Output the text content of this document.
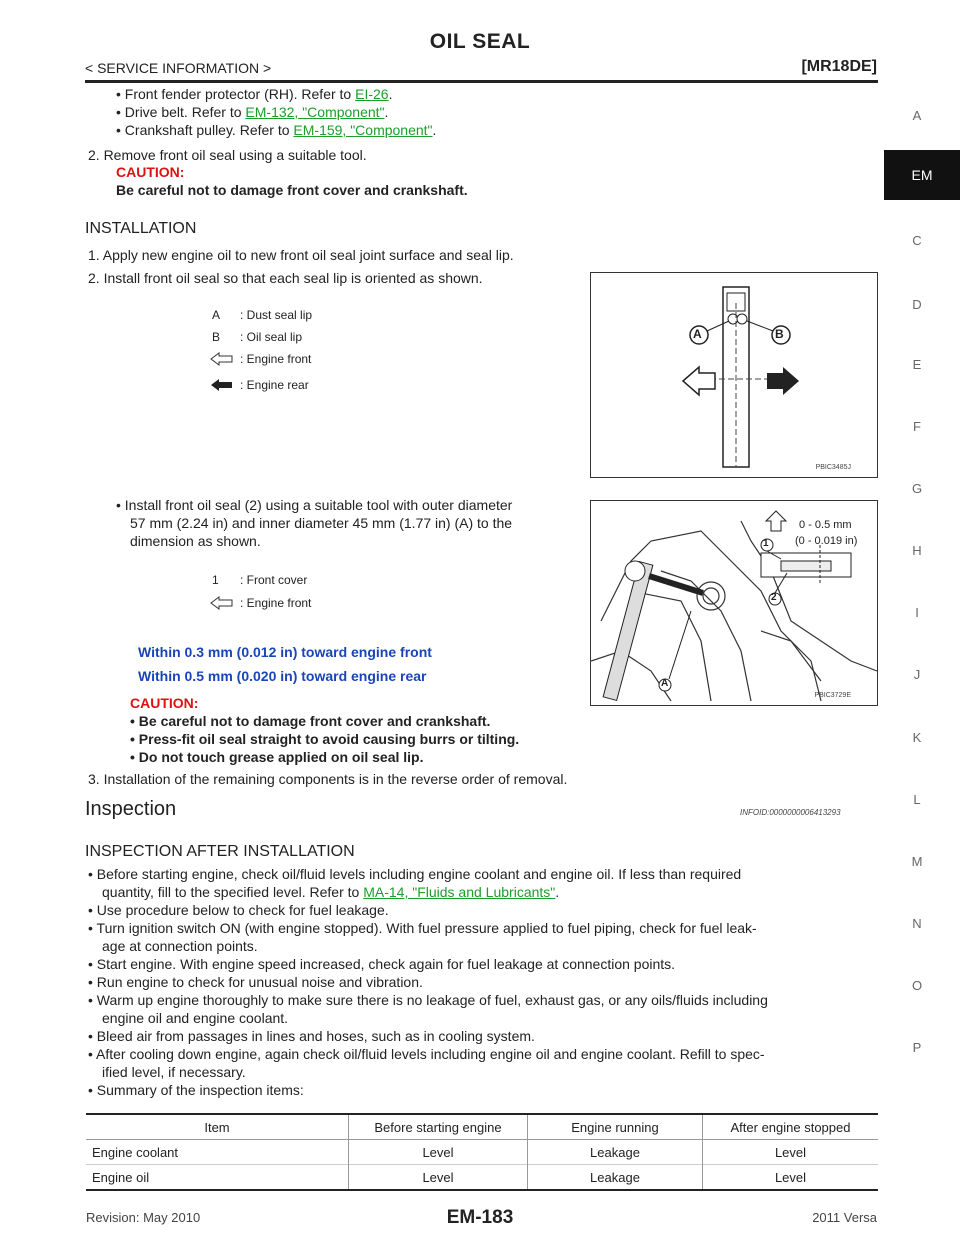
OIL SEAL
< SERVICE INFORMATION >	[MR18DE]
A
EM
C
D
E
F
G
H
I
J
K
L
M
N
O
P
• Front fender protector (RH). Refer to EI-26.
• Drive belt. Refer to EM-132, "Component".
• Crankshaft pulley. Refer to EM-159, "Component".
2. Remove front oil seal using a suitable tool.
CAUTION:
Be careful not to damage front cover and crankshaft.
INSTALLATION
1. Apply new engine oil to new front oil seal joint surface and seal lip.
2. Install front oil seal so that each seal lip is oriented as shown.
A : Dust seal lip
B : Oil seal lip
: Engine front
: Engine rear
A	B
PBIC3485J
• Install front oil seal (2) using a suitable tool with outer diameter
57 mm (2.24 in) and inner diameter 45 mm (1.77 in) (A) to the
dimension as shown.
1 : Front cover
: Engine front
Within 0.3 mm (0.012 in) toward engine front
Within 0.5 mm (0.020 in) toward engine rear
0 - 0.5 mm
(0 - 0.019 in)
1
2
A
PBIC3729E
CAUTION:
• Be careful not to damage front cover and crankshaft.
• Press-fit oil seal straight to avoid causing burrs or tilting.
• Do not touch grease applied on oil seal lip.
3. Installation of the remaining components is in the reverse order of removal.
Inspection	INFOID:0000000006413293
INSPECTION AFTER INSTALLATION
• Before starting engine, check oil/fluid levels including engine coolant and engine oil. If less than required
quantity, fill to the specified level. Refer to MA-14, "Fluids and Lubricants".
• Use procedure below to check for fuel leakage.
• Turn ignition switch ON (with engine stopped). With fuel pressure applied to fuel piping, check for fuel leak-
age at connection points.
• Start engine. With engine speed increased, check again for fuel leakage at connection points.
• Run engine to check for unusual noise and vibration.
• Warm up engine thoroughly to make sure there is no leakage of fuel, exhaust gas, or any oils/fluids including
engine oil and engine coolant.
• Bleed air from passages in lines and hoses, such as in cooling system.
• After cooling down engine, again check oil/fluid levels including engine oil and engine coolant. Refill to spec-
ified level, if necessary.
• Summary of the inspection items:
Item	Before starting engine	Engine running	After engine stopped
Engine coolant	Level	Leakage	Level
Engine oil	Level	Leakage	Level
Revision: May 2010	EM-183	2011 Versa
